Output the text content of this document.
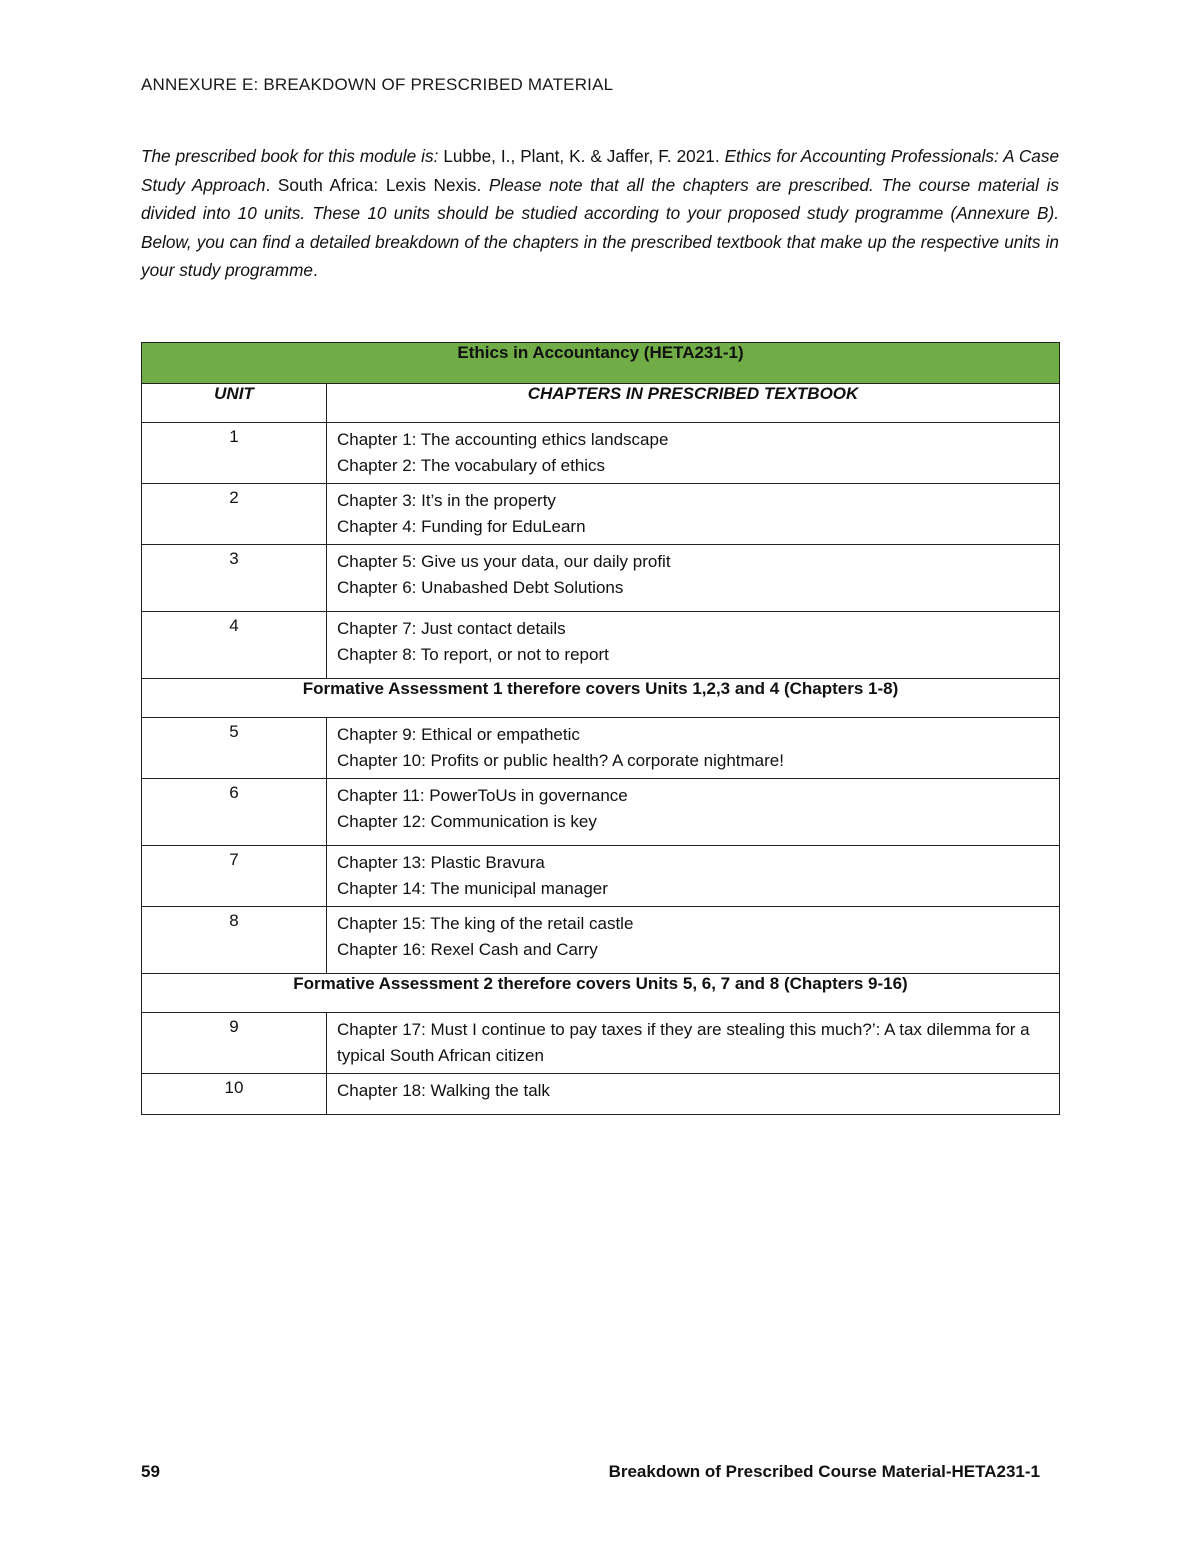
ANNEXURE E: BREAKDOWN OF PRESCRIBED MATERIAL

The prescribed book for this module is: Lubbe, I., Plant, K. & Jaffer, F. 2021. Ethics for Accounting Professionals: A Case Study Approach. South Africa: Lexis Nexis. Please note that all the chapters are prescribed. The course material is divided into 10 units. These 10 units should be studied according to your proposed study programme (Annexure B). Below, you can find a detailed breakdown of the chapters in the prescribed textbook that make up the respective units in your study programme.

Ethics in Accountancy (HETA231-1)	
UNIT	CHAPTERS IN PRESCRIBED TEXTBOOK
1	Chapter 1: The accounting ethics landscape
Chapter 2: The vocabulary of ethics

2	Chapter 3: It’s in the property
Chapter 4: Funding for EduLearn

3	Chapter 5: Give us your data, our daily profit
Chapter 6: Unabashed Debt Solutions

4	Chapter 7: Just contact details
Chapter 8: To report, or not to report

Formative Assessment 1 therefore covers Units 1,2,3 and 4 (Chapters 1-8)	
5	Chapter 9: Ethical or empathetic
Chapter 10: Profits or public health? A corporate nightmare!

6	Chapter 11: PowerToUs in governance
Chapter 12: Communication is key

7	Chapter 13: Plastic Bravura
Chapter 14: The municipal manager

8	Chapter 15: The king of the retail castle
Chapter 16: Rexel Cash and Carry

Formative Assessment 2 therefore covers Units 5, 6, 7 and 8 (Chapters 9-16)	
9	Chapter 17: Must I continue to pay taxes if they are stealing this much?’: A tax dilemma for a typical South African citizen

10	Chapter 18: Walking the talk
59	Breakdown of Prescribed Course Material-HETA231-1
